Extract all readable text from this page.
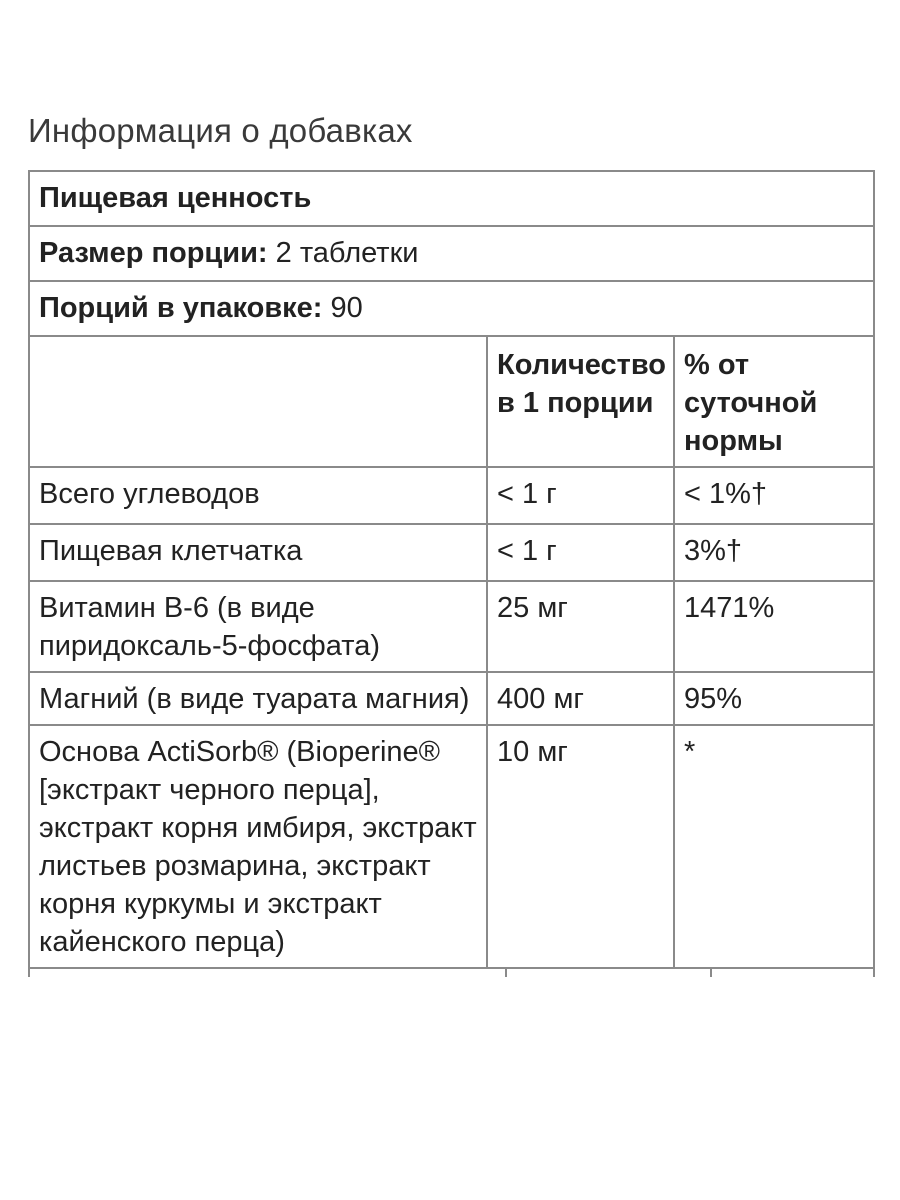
Информация о добавках
Пищевая ценность
Размер порции: 2 таблетки
Порций в упаковке: 90
	Количество в 1 порции	% от суточной нормы
Всего углеводов	< 1 г	< 1%†
Пищевая клетчатка	< 1 г	3%†
Витамин B-6 (в виде пиридоксаль-5-фосфата)	25 мг	1471%
Магний (в виде туарата магния)	400 мг	95%
Основа ActiSorb® (Bioperine® [экстракт черного перца], экстракт корня имбиря, экстракт листьев розмарина, экстракт корня куркумы и экстракт кайенского перца)	10 мг	*
